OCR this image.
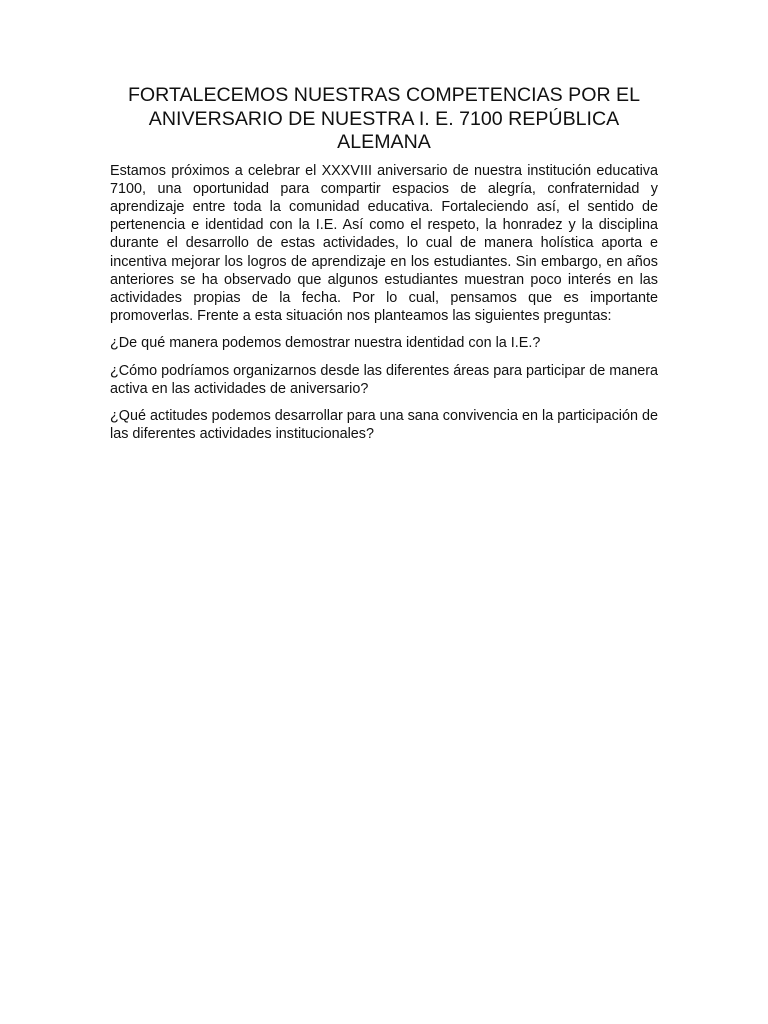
FORTALECEMOS NUESTRAS COMPETENCIAS POR EL ANIVERSARIO DE NUESTRA I. E. 7100 REPÚBLICA ALEMANA

Estamos próximos a celebrar el XXXVIII aniversario de nuestra institución educativa 7100, una oportunidad para compartir espacios de alegría, confraternidad y aprendizaje entre toda la comunidad educativa. Fortaleciendo así, el sentido de pertenencia e identidad con la I.E. Así como el respeto, la honradez y la disciplina durante el desarrollo de estas actividades, lo cual de manera holística aporta e incentiva mejorar los logros de aprendizaje en los estudiantes. Sin embargo, en años anteriores se ha observado que algunos estudiantes muestran poco interés en las actividades propias de la fecha. Por lo cual, pensamos que es importante promoverlas. Frente a esta situación nos planteamos las siguientes preguntas:

¿De qué manera podemos demostrar nuestra identidad con la I.E.?

¿Cómo podríamos organizarnos desde las diferentes áreas para participar de manera activa en las actividades de aniversario?

¿Qué actitudes podemos desarrollar para una sana convivencia en la participación de las diferentes actividades institucionales?
